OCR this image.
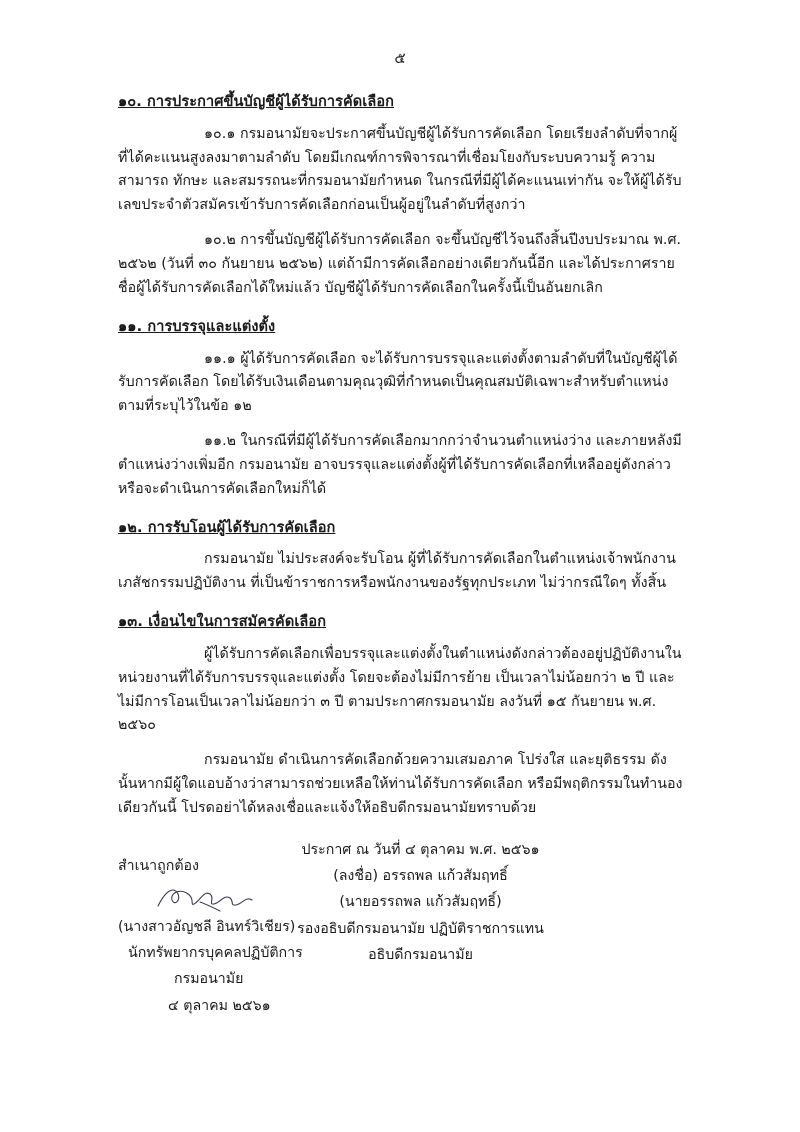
๕
๑๐. การประกาศขึ้นบัญชีผู้ได้รับการคัดเลือก

๑๐.๑ กรมอนามัยจะประกาศขึ้นบัญชีผู้ได้รับการคัดเลือก โดยเรียงลำดับที่จากผู้ที่ได้คะแนนสูงลงมาตามลำดับ โดยมีเกณฑ์การพิจารณาที่เชื่อมโยงกับระบบความรู้ ความสามารถ ทักษะ และสมรรถนะที่กรมอนามัยกำหนด ในกรณีที่มีผู้ได้คะแนนเท่ากัน จะให้ผู้ได้รับเลขประจำตัวสมัครเข้ารับการคัดเลือกก่อนเป็นผู้อยู่ในลำดับที่สูงกว่า

๑๐.๒ การขึ้นบัญชีผู้ได้รับการคัดเลือก จะขึ้นบัญชีไว้จนถึงสิ้นปีงบประมาณ พ.ศ. ๒๕๖๒ (วันที่ ๓๐ กันยายน ๒๕๖๒) แต่ถ้ามีการคัดเลือกอย่างเดียวกันนี้อีก และได้ประกาศรายชื่อผู้ได้รับการคัดเลือกได้ใหม่แล้ว บัญชีผู้ได้รับการคัดเลือกในครั้งนี้เป็นอันยกเลิก

๑๑. การบรรจุและแต่งตั้ง

๑๑.๑ ผู้ได้รับการคัดเลือก จะได้รับการบรรจุและแต่งตั้งตามลำดับที่ในบัญชีผู้ได้รับการคัดเลือก โดยได้รับเงินเดือนตามคุณวุฒิที่กำหนดเป็นคุณสมบัติเฉพาะสำหรับตำแหน่งตามที่ระบุไว้ในข้อ ๑๒

๑๑.๒ ในกรณีที่มีผู้ได้รับการคัดเลือกมากกว่าจำนวนตำแหน่งว่าง และภายหลังมีตำแหน่งว่างเพิ่มอีก กรมอนามัย อาจบรรจุและแต่งตั้งผู้ที่ได้รับการคัดเลือกที่เหลืออยู่ดังกล่าวหรือจะดำเนินการคัดเลือกใหม่ก็ได้

๑๒. การรับโอนผู้ได้รับการคัดเลือก

กรมอนามัย ไม่ประสงค์จะรับโอน ผู้ที่ได้รับการคัดเลือกในตำแหน่งเจ้าพนักงานเภสัชกรรมปฏิบัติงาน ที่เป็นข้าราชการหรือพนักงานของรัฐทุกประเภท ไม่ว่ากรณีใดๆ ทั้งสิ้น

๑๓. เงื่อนไขในการสมัครคัดเลือก

ผู้ได้รับการคัดเลือกเพื่อบรรจุและแต่งตั้งในตำแหน่งดังกล่าวต้องอยู่ปฏิบัติงานในหน่วยงานที่ได้รับการบรรจุและแต่งตั้ง โดยจะต้องไม่มีการย้าย เป็นเวลาไม่น้อยกว่า ๒ ปี และไม่มีการโอนเป็นเวลาไม่น้อยกว่า ๓ ปี ตามประกาศกรมอนามัย ลงวันที่ ๑๕ กันยายน พ.ศ. ๒๕๖๐

กรมอนามัย ดำเนินการคัดเลือกด้วยความเสมอภาค โปร่งใส และยุติธรรม ดังนั้นหากมีผู้ใดแอบอ้างว่าสามารถช่วยเหลือให้ท่านได้รับการคัดเลือก หรือมีพฤติกรรมในทำนองเดียวกันนี้ โปรดอย่าได้หลงเชื่อและแจ้งให้อธิบดีกรมอนามัยทราบด้วย

ประกาศ ณ วันที่ ๔ ตุลาคม พ.ศ. ๒๕๖๑
(ลงชื่อ) อรรถพล แก้วสัมฤทธิ์
(นายอรรถพล แก้วสัมฤทธิ์)
รองอธิบดีกรมอนามัย ปฏิบัติราชการแทน
อธิบดีกรมอนามัย
สำเนาถูกต้อง
(นางสาวอัญชลี อินทร์วิเชียร)
นักทรัพยากรบุคคลปฏิบัติการ
กรมอนามัย
๔ ตุลาคม ๒๕๖๑
